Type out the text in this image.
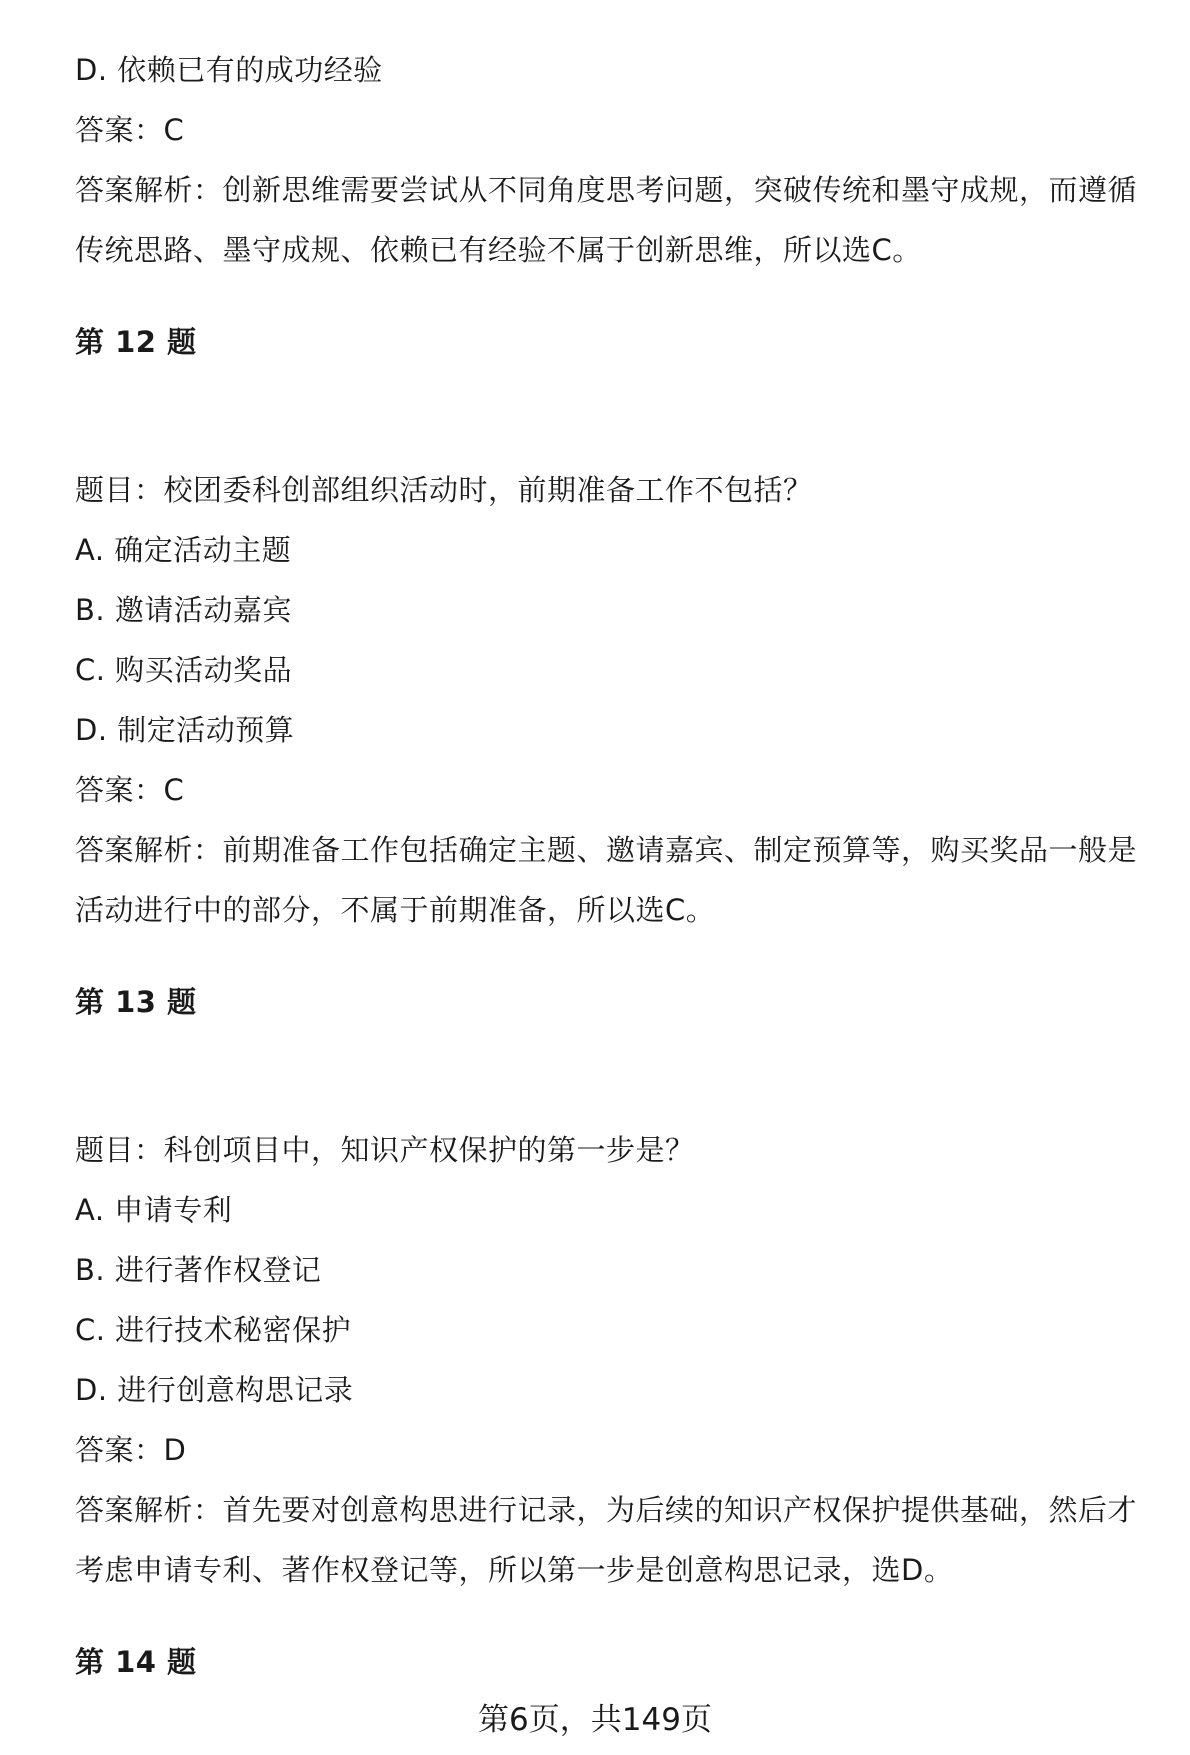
D. 依赖已有的成功经验
答案：C
答案解析：创新思维需要尝试从不同角度思考问题，突破传统和墨守成规，而遵循
传统思路、墨守成规、依赖已有经验不属于创新思维，所以选C。
第 12 题
题目：校团委科创部组织活动时，前期准备工作不包括？
A. 确定活动主题
B. 邀请活动嘉宾
C. 购买活动奖品
D. 制定活动预算
答案：C
答案解析：前期准备工作包括确定主题、邀请嘉宾、制定预算等，购买奖品一般是
活动进行中的部分，不属于前期准备，所以选C。
第 13 题
题目：科创项目中，知识产权保护的第一步是？
A. 申请专利
B. 进行著作权登记
C. 进行技术秘密保护
D. 进行创意构思记录
答案：D
答案解析：首先要对创意构思进行记录，为后续的知识产权保护提供基础，然后才
考虑申请专利、著作权登记等，所以第一步是创意构思记录，选D。
第 14 题
第6页，共149页
